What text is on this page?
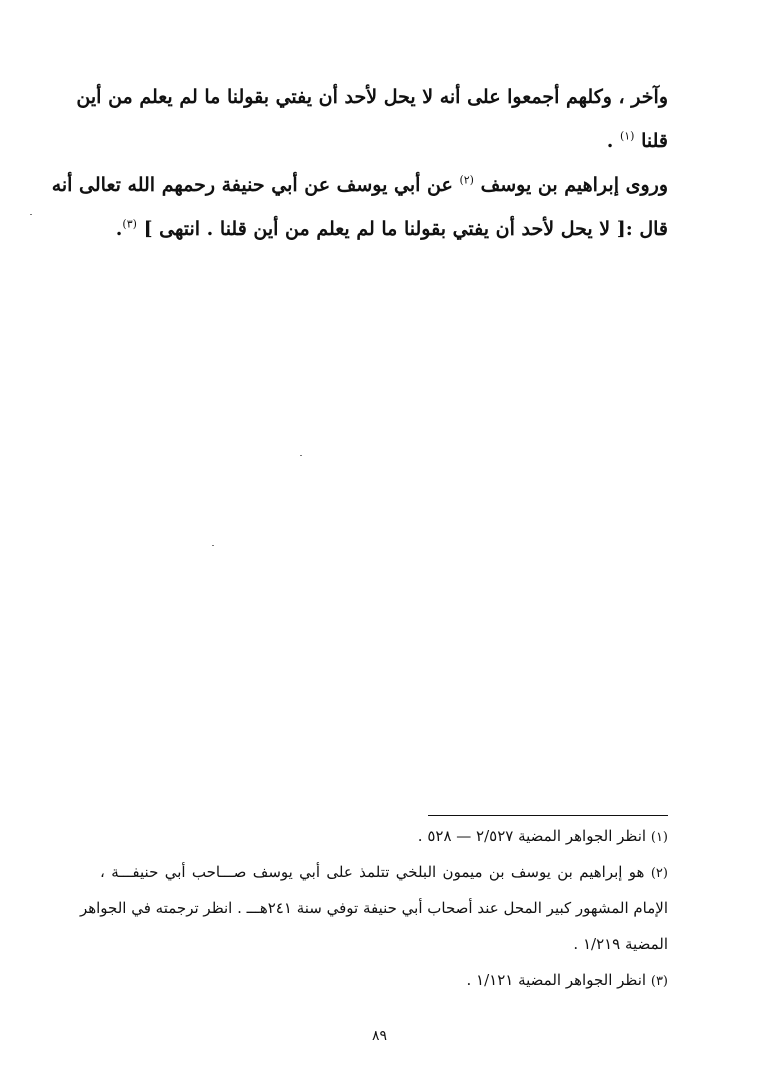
وآخر ، وكلهم أجمعوا على أنه لا يحل لأحد أن يفتي بقولنا ما لم يعلم من أين
قلنا $^{(١)}$ .
وروى إبراهيم بن يوسف $^{(٢)}$ عن أبي يوسف عن أبي حنيفة رحمهم الله تعالى أنه
قال :[ لا يحل لأحد أن يفتي بقولنا ما لم يعلم من أين قلنا . انتهى ] $^{(٣)}$.
(١) انظر الجواهر المضية ٢/٥٢٧ — ٥٢٨ .
(٢) هو إبراهيم بن يوسف بن ميمون البلخي تتلمذ على أبي يوسف صـــاحب أبي حنيفـــة ،
الإمام المشهور كبير المحل عند أصحاب أبي حنيفة توفي سنة ٢٤١هـــ . انظر ترجمته في الجواهر
المضية ١/٢١٩ .
(٣) انظر الجواهر المضية ١/١٢١ .
٨٩
